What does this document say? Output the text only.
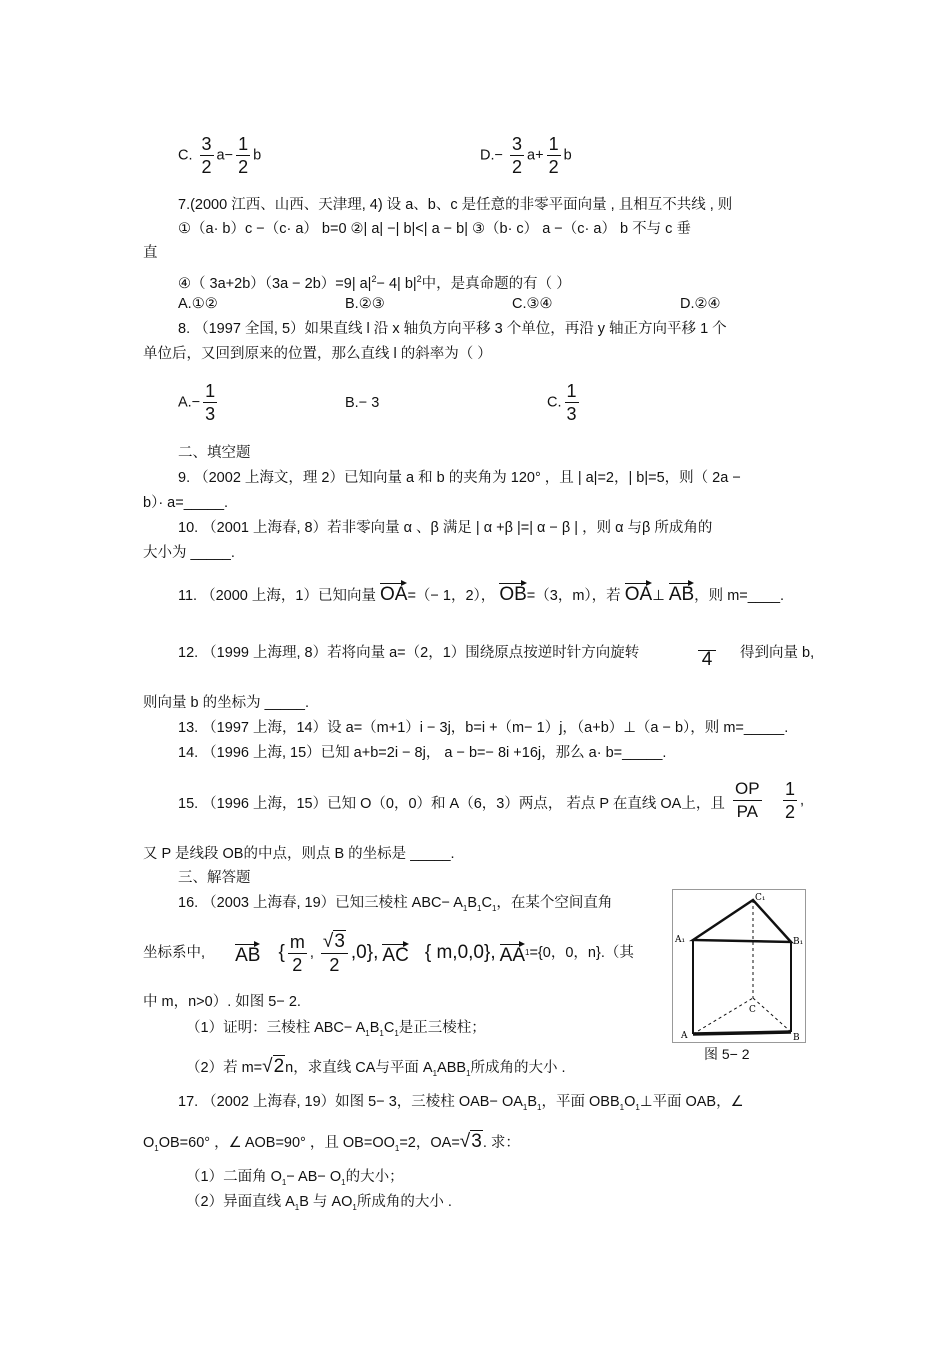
C. $\frac{3}{2} a- \frac{1}{2}$ b	$D.- \frac{3}{2} a+ \frac{1}{2}$ b
7.(2000 江西、山西、天津理, 4) 设 a、b、c 是任意的非零平面向量 , 且相互不共线 , 则
①（a· b）c −（c· a） b=0 ②| a| −| b|<| a − b| ③（b· c） a −（c· a） b 不与 c 垂
直
④（ 3a+2b）（3a − 2b）=9| $a|^2- 4|$ $b|^2$中，是真命题的有（ ）
A.①②	B.②③	C.③④	D.②④
8. （1997 全国, 5）如果直线 l 沿 x 轴负方向平移 3 个单位，再沿 y 轴正方向平移 1 个
单位后，又回到原来的位置，那么直线 l 的斜率为（ ）
$A.- \frac{1}{3}$	B.− 3	C. $\frac{1}{3}$
二、填空题
9. （2002 上海文，理 2）已知向量 a 和 b 的夹角为 120° ，且 | a|=2，| b|=5，则（ 2a −
b）· a=_____.
10. （2001 上海春, 8）若非零向量 α 、β 满足 | α +β |=| α − β | ，则 α 与β 所成角的
大小为 _____.
11. （2000 上海，1）已知向量 OA=（− 1，2）， OB=（3，m），若 OA⊥ AB，则 m=____.
12. （1999 上海理, 8）若将向量 a=（2，1）围绕原点按逆时针方向旋转	4 得到向量 b,
则向量 b 的坐标为 _____.
13. （1997 上海，14）设 a=（m+1）i − 3j，b=i +（m− 1）j，（a+b）⊥（a − b），则 m=_____.
14. （1996 上海, 15）已知 a+b=2i − 8j， a − b=− 8i +16j，那么 a· b=_____.
15. （1996 上海，15）已知 O（0，0）和 A（6，3）两点， 若点 P 在直线 OA上，且 $\frac{OP}{PA} \frac{1}{2}$ ,
又 P 是线段 OB的中点，则点 B 的坐标是 _____.
三、解答题
16. （2003 上海春, 19）已知三棱柱 $ABC- A_1B_1C_1$，在某个空间直角
坐标系中, AB { $\frac{m}{2}$ , $\frac{√3}{2} ,0$}, AC { m,0,0}, AA1={0，0，n}.（其
中 m，n>0）. 如图 5− 2.
（1）证明：三棱柱 $ABC- A_1B_1C_1$是正三棱柱；
（2）若 m=√2n，求直线 CA与平面 $A_1ABB_1$所成角的大小 .
C₁
A₁	B₁
C
A	B
图 5− 2
17. （2002 上海春, 19）如图 5− 3，三棱柱 $OAB- OA_1B_1$，平面 $OBB_1O_1\perp$平面 OAB，∠
$O_1OB=60^\circ$ ，∠ AOB=90° ，且 $OB=OO_1=2$，OA=√3. 求：
（1）二面角 $O_1- AB- O_1$的大小；
（2）异面直线 $A_1B$ 与 $AO_1$所成角的大小 .
